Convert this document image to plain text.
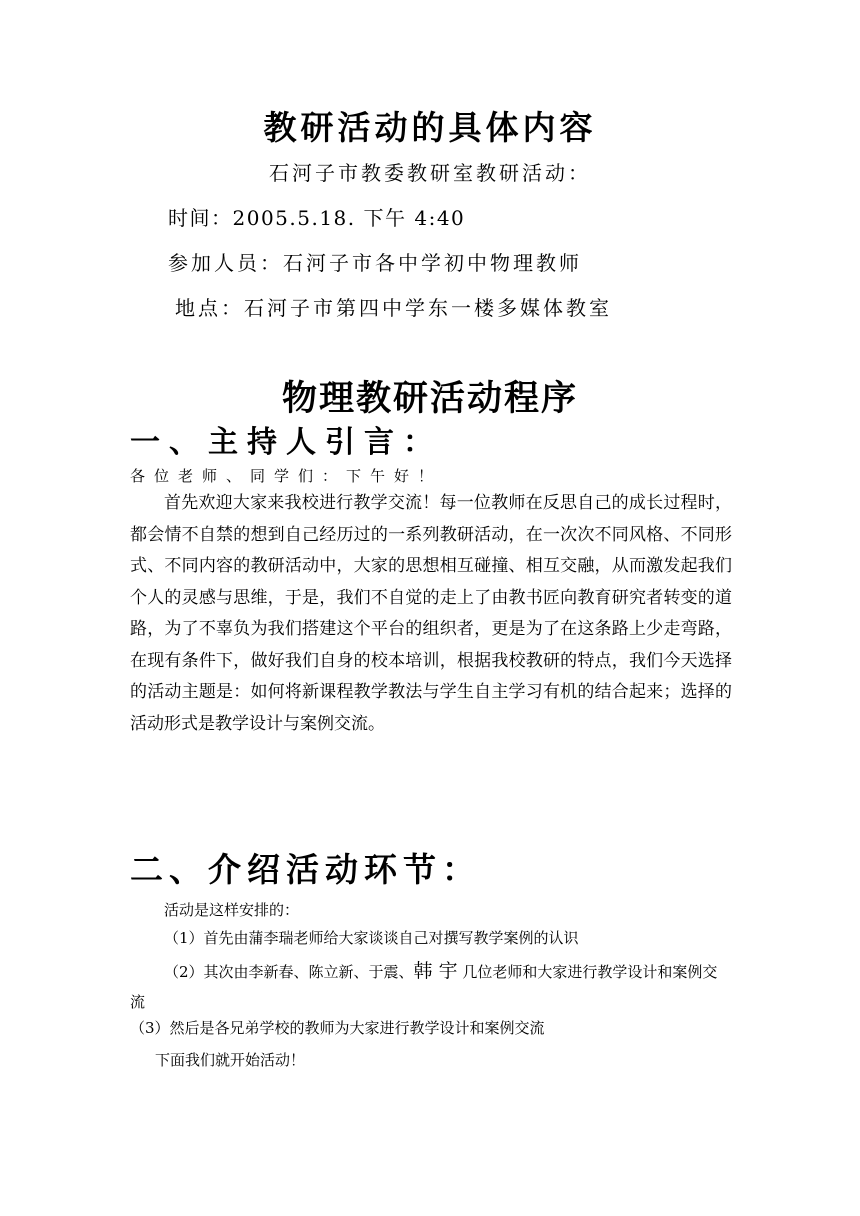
教研活动的具体内容

石河子市教委教研室教研活动：

时间：2005.5.18. 下午 4:40

参加人员：石河子市各中学初中物理教师

地点：石河子市第四中学东一楼多媒体教室

物理教研活动程序
一、主持人引言：

各位老师、同学们：下午好！

首先欢迎大家来我校进行教学交流！每一位教师在反思自己的成长过程时，都会情不自禁的想到自己经历过的一系列教研活动，在一次次不同风格、不同形式、不同内容的教研活动中，大家的思想相互碰撞、相互交融，从而激发起我们个人的灵感与思维，于是，我们不自觉的走上了由教书匠向教育研究者转变的道路，为了不辜负为我们搭建这个平台的组织者，更是为了在这条路上少走弯路，在现有条件下，做好我们自身的校本培训，根据我校教研的特点，我们今天选择的活动主题是：如何将新课程教学教法与学生自主学习有机的结合起来；选择的活动形式是教学设计与案例交流。

二、介绍活动环节：

活动是这样安排的：

（1）首先由蒲李瑞老师给大家谈谈自己对撰写教学案例的认识

（2）其次由李新春、陈立新、于震、韩 宇 几位老师和大家进行教学设计和案例交流

（3）然后是各兄弟学校的教师为大家进行教学设计和案例交流

下面我们就开始活动！
